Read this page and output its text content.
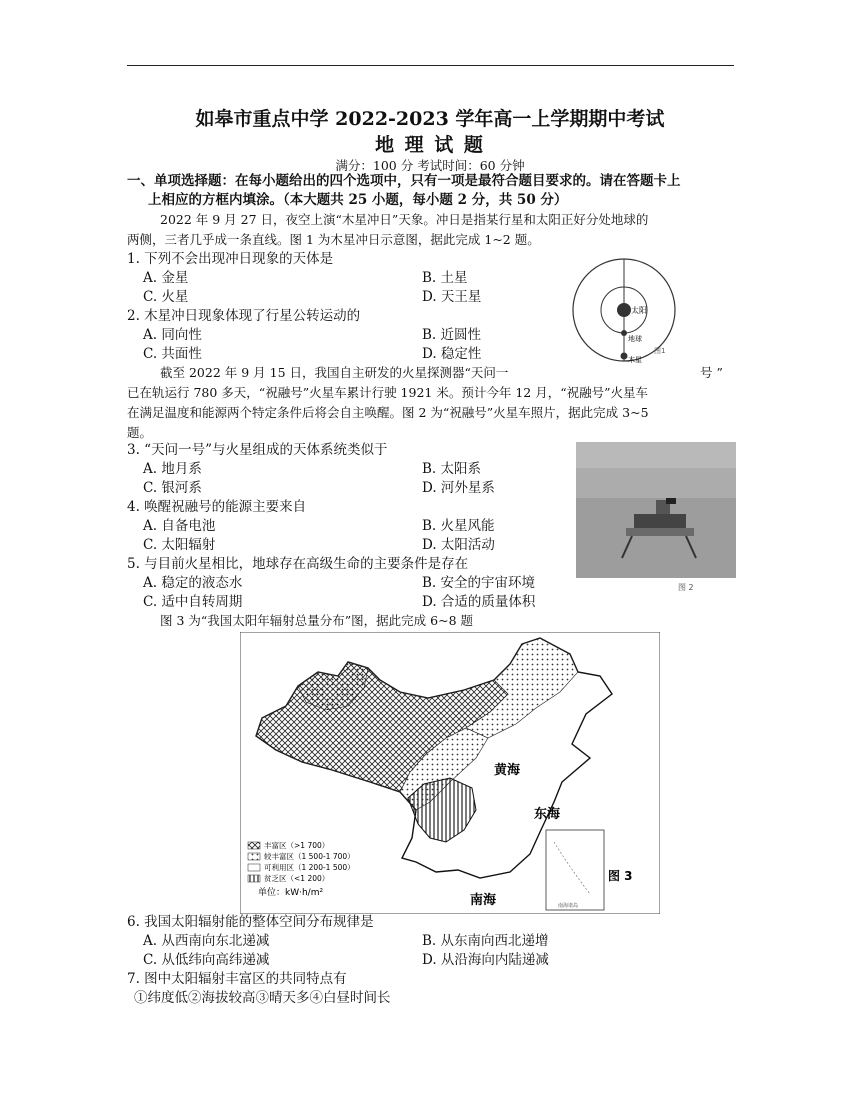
如皋市重点中学 2022-2023 学年高一上学期期中考试
地 理 试 题
满分：100 分 考试时间：60 分钟
一、单项选择题：在每小题给出的四个选项中，只有一项是最符合题目要求的。请在答题卡上
上相应的方框内填涂。（本大题共 25 小题，每小题 2 分，共 50 分）
2022 年 9 月 27 日，夜空上演“木星冲日”天象。冲日是指某行星和太阳正好分处地球的
两侧，三者几乎成一条直线。图 1 为木星冲日示意图，据此完成 1~2 题。
1. 下列不会出现冲日现象的天体是
A. 金星	B. 土星
C. 火星	D. 天王星
2. 木星冲日现象体现了行星公转运动的
A. 同向性	B. 近圆性
C. 共面性	D. 稳定性
太阳
地球
木星
图1
截至 2022 年 9 月 15 日，我国自主研发的火星探测器“天问一	号 ”
已在轨运行 780 多天，“祝融号”火星车累计行驶 1921 米。预计今年 12 月，“祝融号”火星车
在满足温度和能源两个特定条件后将会自主唤醒。图 2 为“祝融号”火星车照片，据此完成 3~5
题。
3. “天问一号”与火星组成的天体系统类似于
A. 地月系	B. 太阳系
C. 银河系	D. 河外星系
4. 唤醒祝融号的能源主要来自
A. 自备电池	B. 火星风能
C. 太阳辐射	D. 太阳活动
5. 与目前火星相比，地球存在高级生命的主要条件是存在
A. 稳定的液态水	B. 安全的宇宙环境
C. 适中自转周期	D. 合适的质量体积
图 2
图 3 为“我国太阳年辐射总量分布”图，据此完成 6~8 题
黄海
东海
南海	南海诸岛
丰富区（>1 700）
较丰富区（1 500-1 700）
可利用区（1 200-1 500）
贫乏区（<1 200）
单位：kW·h/m²
图 3
6. 我国太阳辐射能的整体空间分布规律是
A. 从西南向东北递减	B. 从东南向西北递增
C. 从低纬向高纬递减	D. 从沿海向内陆递减
7. 图中太阳辐射丰富区的共同特点有
①纬度低②海拔较高③晴天多④白昼时间长
